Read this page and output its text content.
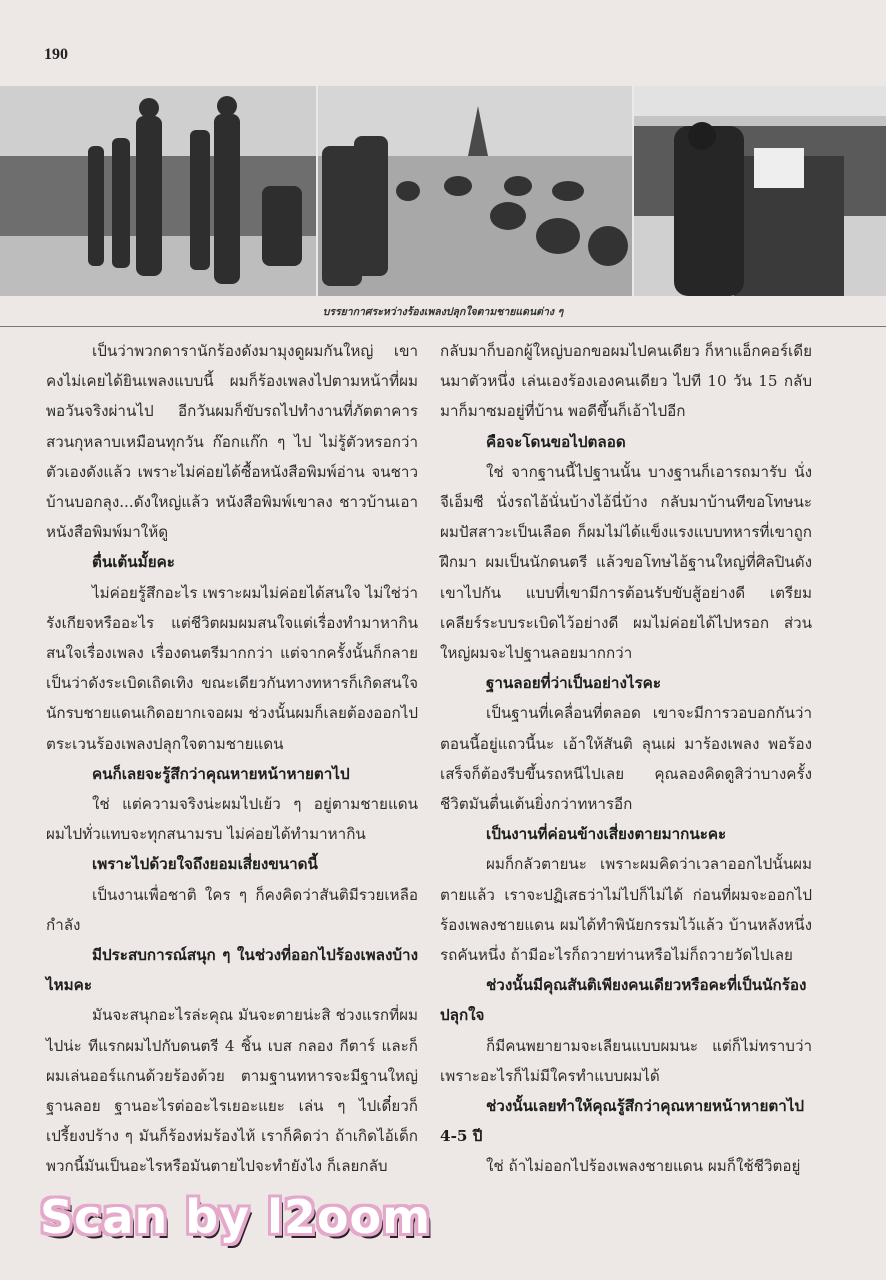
190
บรรยากาศระหว่างร้องเพลงปลุกใจตามชายแดนต่าง ๆ

เป็นว่าพวกดารานักร้องดังมามุงดูผมกันใหญ่ เขาคงไม่เคยได้ยินเพลงแบบนี้ ผมก็ร้องเพลงไปตามหน้าที่ผม พอวันจริงผ่านไป อีกวันผมก็ขับรถไปทำงานที่ภัตตาคารสวนกุหลาบเหมือนทุกวัน ก๊อกแก๊ก ๆ ไป ไม่รู้ตัวหรอกว่าตัวเองดังแล้ว เพราะไม่ค่อยได้ซื้อหนังสือพิมพ์อ่าน จนชาวบ้านบอกลุง...ดังใหญ่แล้ว หนังสือพิมพ์เขาลง ชาวบ้านเอาหนังสือพิมพ์มาให้ดู

ตื่นเต้นมั้ยคะ

ไม่ค่อยรู้สึกอะไร เพราะผมไม่ค่อยได้สนใจ ไม่ใช่ว่ารังเกียจหรืออะไร แต่ชีวิตผมผมสนใจแต่เรื่องทำมาหากิน สนใจเรื่องเพลง เรื่องดนตรีมากกว่า แต่จากครั้งนั้นก็กลายเป็นว่าดังระเบิดเถิดเทิง ขณะเดียวกันทางทหารก็เกิดสนใจ นักรบชายแดนเกิดอยากเจอผม ช่วงนั้นผมก็เลยต้องออกไปตระเวนร้องเพลงปลุกใจตามชายแดน

คนก็เลยจะรู้สึกว่าคุณหายหน้าหายตาไป

ใช่ แต่ความจริงน่ะผมไปเย้ว ๆ อยู่ตามชายแดน ผมไปทั่วแทบจะทุกสนามรบ ไม่ค่อยได้ทำมาหากิน

เพราะไปด้วยใจถึงยอมเสี่ยงขนาดนี้

เป็นงานเพื่อชาติ ใคร ๆ ก็คงคิดว่าสันติมีรวยเหลือกำลัง

มีประสบการณ์สนุก ๆ ในช่วงที่ออกไปร้องเพลงบ้างไหมคะ

มันจะสนุกอะไรล่ะคุณ มันจะตายน่ะสิ ช่วงแรกที่ผมไปน่ะ ทีแรกผมไปกับดนตรี 4 ชิ้น เบส กลอง กีตาร์ และก็ผมเล่นออร์แกนด้วยร้องด้วย ตามฐานทหารจะมีฐานใหญ่ ฐานลอย ฐานอะไรต่ออะไรเยอะแยะ เล่น ๆ ไปเดี๋ยวก็เปรี้ยงปร้าง ๆ มันก็ร้องห่มร้องไห้ เราก็คิดว่า ถ้าเกิดไอ้เด็กพวกนี้มันเป็นอะไรหรือมันตายไปจะทำยังไง ก็เลยกลับ

กลับมาก็บอกผู้ใหญ่บอกขอผมไปคนเดียว ก็หาแอ็กคอร์เดียนมาตัวหนึ่ง เล่นเองร้องเองคนเดียว ไปที 10 วัน 15 กลับมาก็มาซมอยู่ที่บ้าน พอดีขึ้นก็เอ้าไปอีก

คือจะโดนขอไปตลอด

ใช่ จากฐานนี้ไปฐานนั้น บางฐานก็เอารถมารับ นั่งจีเอ็มซี นั่งรถไอ้นั่นบ้างไอ้นี่บ้าง กลับมาบ้านทีขอโทษนะ ผมปัสสาวะเป็นเลือด ก็ผมไม่ได้แข็งแรงแบบทหารที่เขาถูกฝึกมา ผมเป็นนักดนตรี แล้วขอโทษไอ้ฐานใหญ่ที่ศิลปินดังเขาไปกัน แบบที่เขามีการต้อนรับขับสู้อย่างดี เตรียมเคลียร์ระบบระเบิดไว้อย่างดี ผมไม่ค่อยได้ไปหรอก ส่วนใหญ่ผมจะไปฐานลอยมากกว่า

ฐานลอยที่ว่าเป็นอย่างไรคะ

เป็นฐานที่เคลื่อนที่ตลอด เขาจะมีการวอบอกกันว่าตอนนี้อยู่แถวนี้นะ เอ้าให้สันติ ลุนเผ่ มาร้องเพลง พอร้องเสร็จก็ต้องรีบขึ้นรถหนีไปเลย คุณลองคิดดูสิว่าบางครั้งชีวิตมันตื่นเต้นยิ่งกว่าทหารอีก

เป็นงานที่ค่อนข้างเสี่ยงตายมากนะคะ

ผมก็กลัวตายนะ เพราะผมคิดว่าเวลาออกไปนั้นผมตายแล้ว เราจะปฏิเสธว่าไม่ไปก็ไม่ได้ ก่อนที่ผมจะออกไปร้องเพลงชายแดน ผมได้ทำพินัยกรรมไว้แล้ว บ้านหลังหนึ่ง รถคันหนึ่ง ถ้ามีอะไรก็ถวายท่านหรือไม่ก็ถวายวัดไปเลย

ช่วงนั้นมีคุณสันติเพียงคนเดียวหรือคะที่เป็นนักร้องปลุกใจ

ก็มีคนพยายามจะเลียนแบบผมนะ แต่ก็ไม่ทราบว่าเพราะอะไรก็ไม่มีใครทำแบบผมได้

ช่วงนั้นเลยทำให้คุณรู้สึกว่าคุณหายหน้าหายตาไป 4-5 ปี

ใช่ ถ้าไม่ออกไปร้องเพลงชายแดน ผมก็ใช้ชีวิตอยู่

Scan by l2oom
